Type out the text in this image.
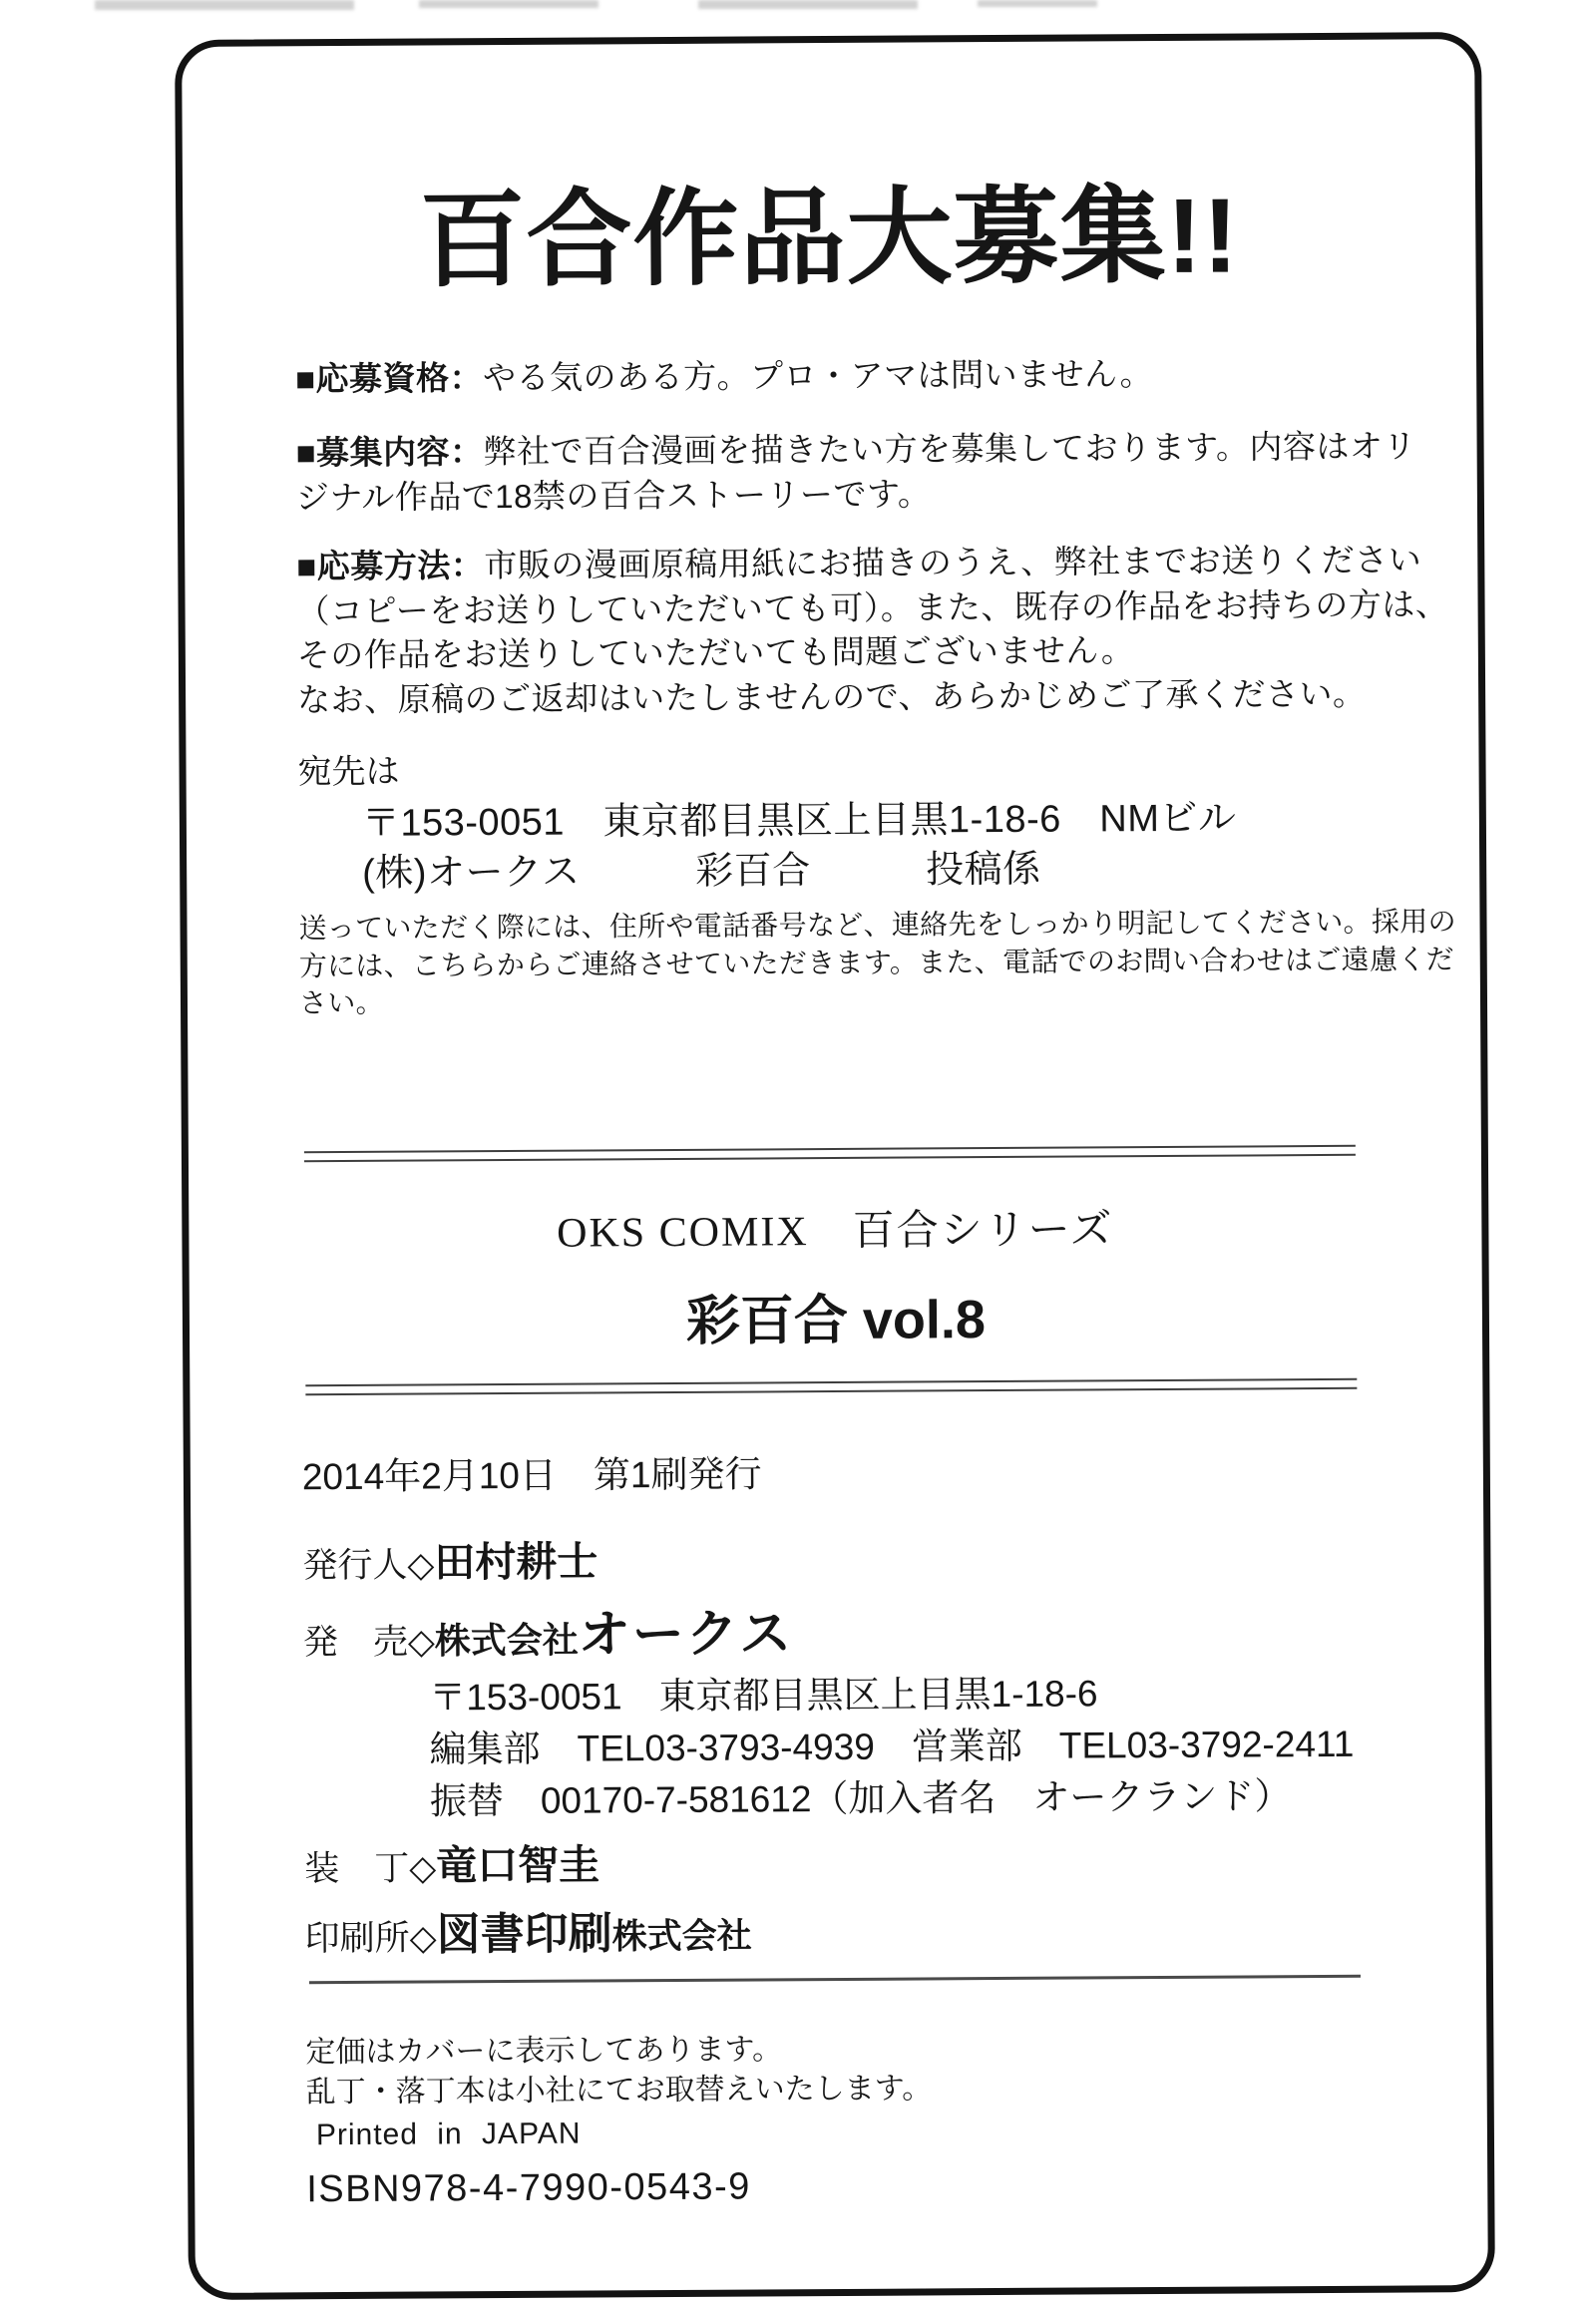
百合作品大募集!!
■応募資格：やる気のある方。プロ・アマは問いません。
■募集内容：弊社で百合漫画を描きたい方を募集しております。内容はオリジナル作品で18禁の百合ストーリーです。
■応募方法：市販の漫画原稿用紙にお描きのうえ、弊社までお送りください（コピーをお送りしていただいても可）。また、既存の作品をお持ちの方は、その作品をお送りしていただいても問題ございません。
なお、原稿のご返却はいたしませんので、あらかじめご了承ください。
宛先は
〒153-0051　東京都目黒区上目黒1-18-6　NMビル
(株)オークス　　　彩百合　　　投稿係
送っていただく際には、住所や電話番号など、連絡先をしっかり明記してください。採用の方には、こちらからご連絡させていただきます。また、電話でのお問い合わせはご遠慮ください。
OKS COMIX　百合シリーズ
彩百合 vol.8
2014年2月10日　第1刷発行
発行人◇田村耕士
発　売◇株式会社オークス
〒153-0051　東京都目黒区上目黒1-18-6
編集部　TEL03-3793-4939　営業部　TEL03-3792-2411
振替　00170-7-581612（加入者名　オークランド）
装　丁◇竜口智圭
印刷所◇図書印刷株式会社
定価はカバーに表示してあります。
乱丁・落丁本は小社にてお取替えいたします。
Printed in JAPAN
ISBN978-4-7990-0543-9
